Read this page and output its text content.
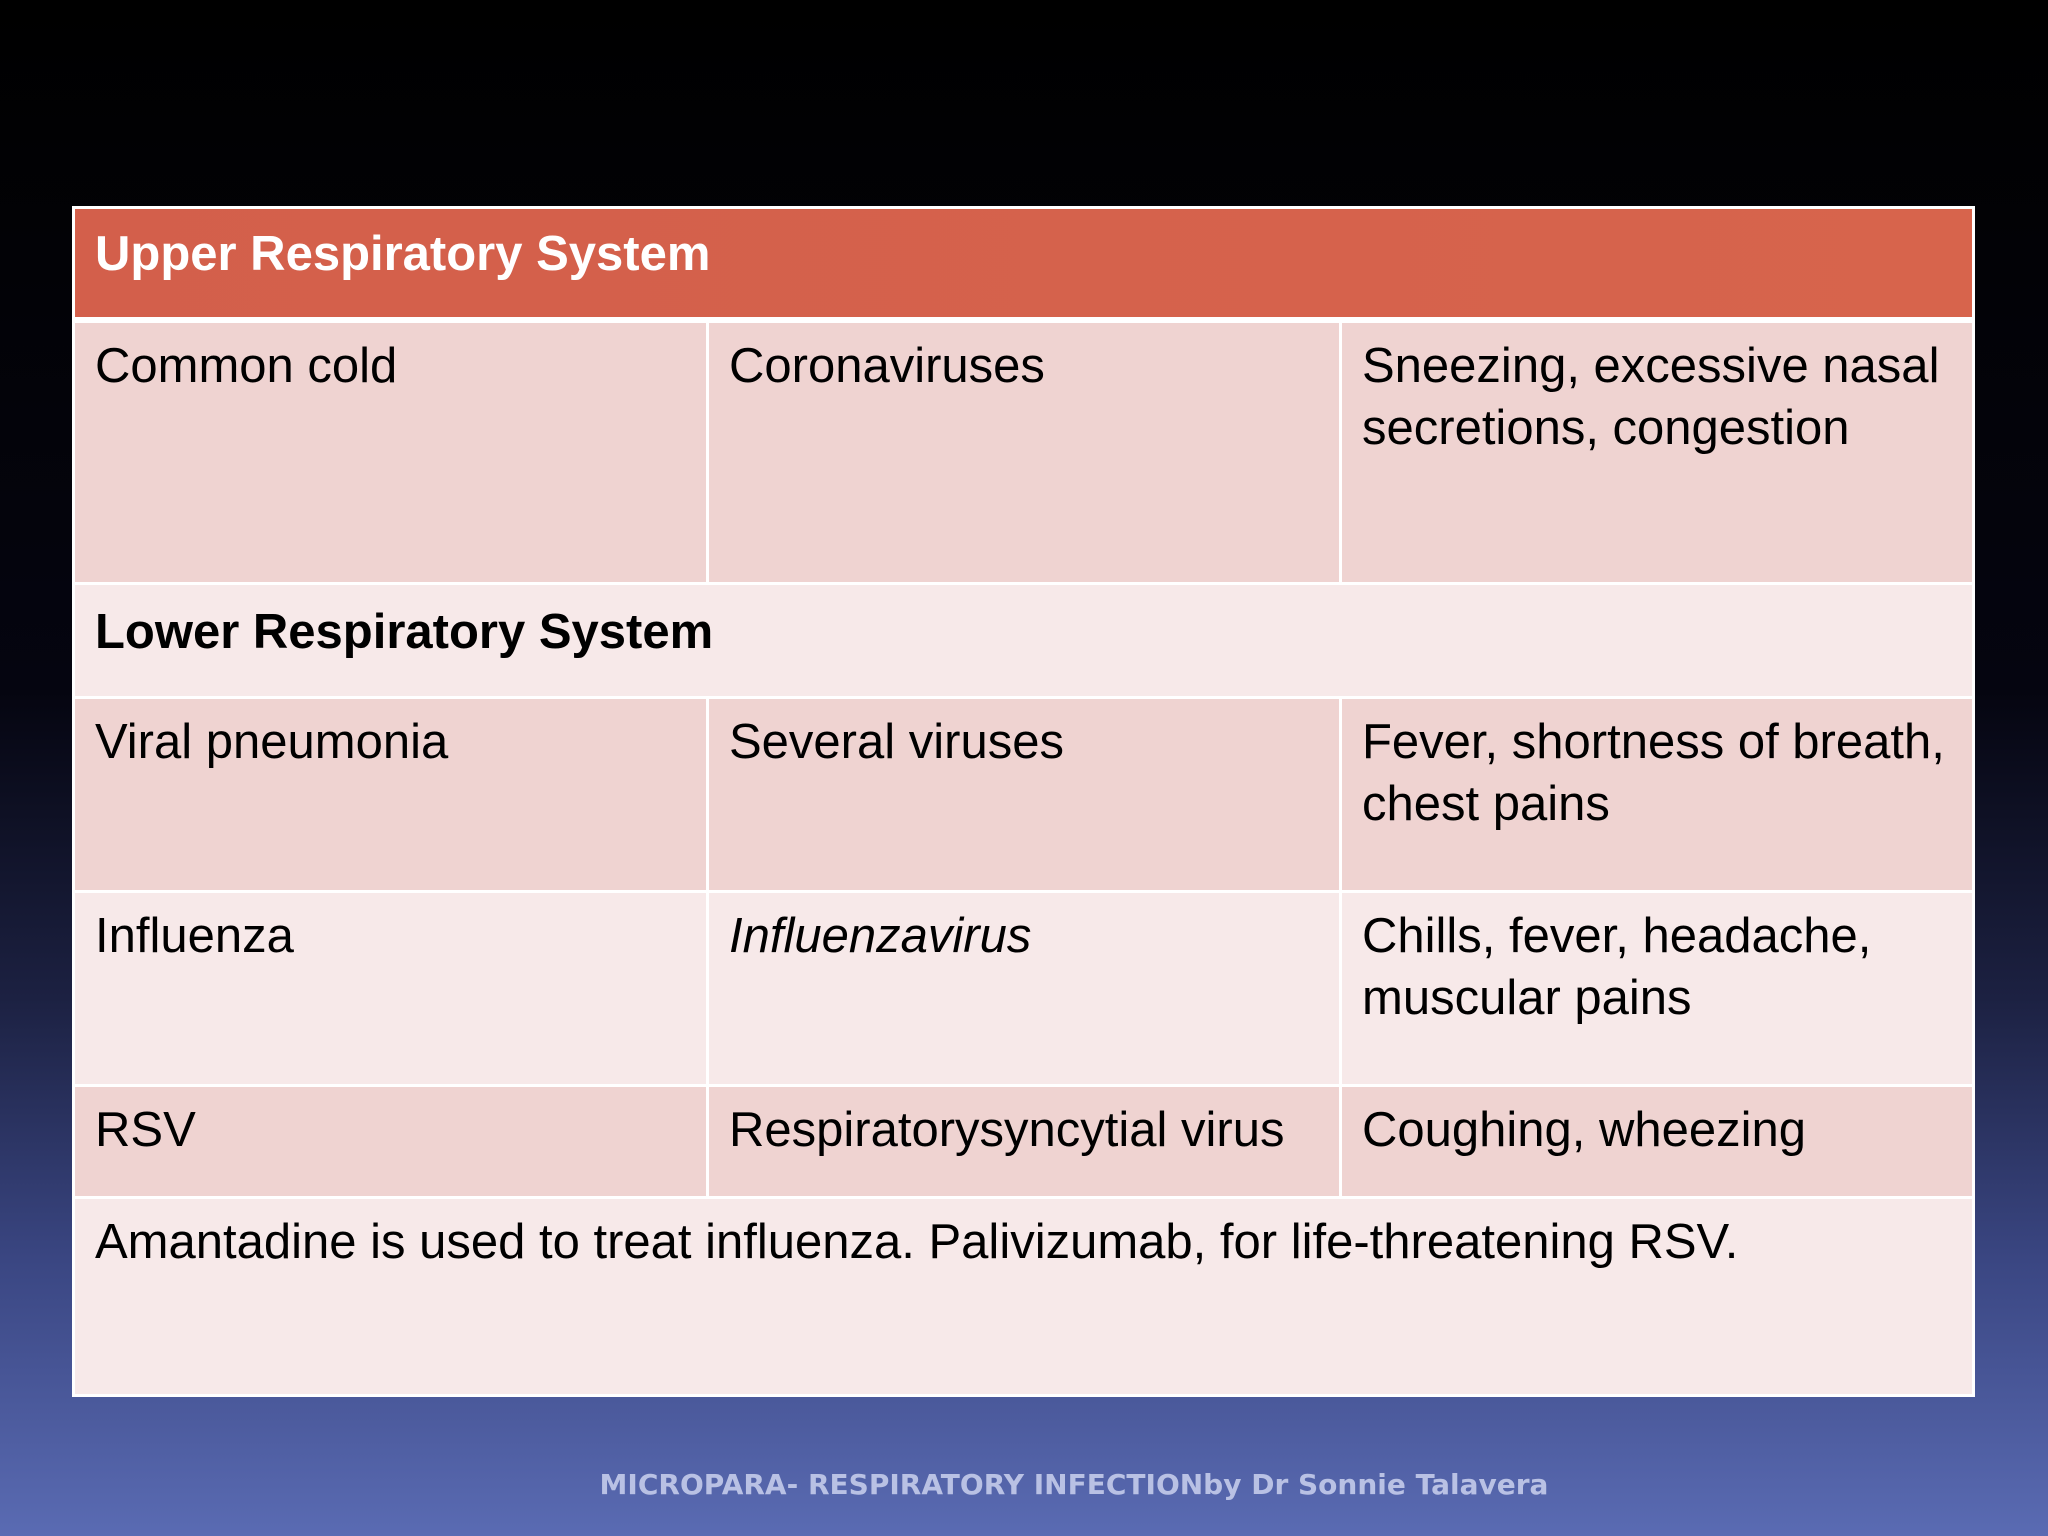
Upper Respiratory System		
Common cold	Coronaviruses	Sneezing, excessive nasal secretions, congestion
Lower Respiratory System		
Viral pneumonia	Several viruses	Fever, shortness of breath, chest pains
Influenza	Influenzavirus	Chills, fever, headache, muscular pains
RSV	Respiratorysyncytial virus	Coughing, wheezing
Amantadine is used to treat influenza. Palivizumab, for life-threatening RSV.		
MICROPARA- RESPIRATORY INFECTIONby Dr Sonnie Talavera
